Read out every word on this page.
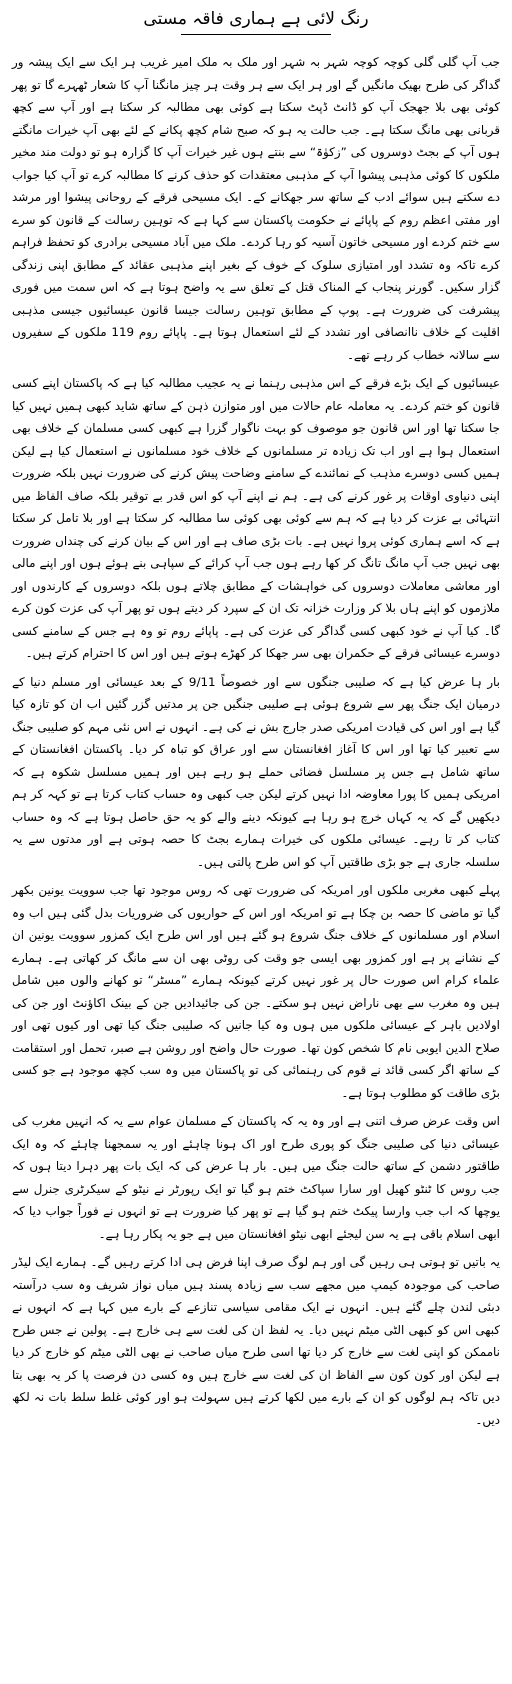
رنگ لائی ہے ہماری فاقہ مستی

جب آپ گلی گلی کوچہ کوچہ شہر بہ شہر اور ملک بہ ملک امیر غریب ہر ایک سے ایک پیشہ ور گداگر کی طرح بھیک مانگیں گے اور ہر ایک سے ہر وقت ہر چیز مانگنا آپ کا شعار ٹھہرے گا تو پھر کوئی بھی بلا جھجک آپ کو ڈانٹ ڈپٹ سکتا ہے کوئی بھی مطالبہ کر سکتا ہے اور آپ سے کچھ قربانی بھی مانگ سکتا ہے۔ جب حالت یہ ہو کہ صبح شام کچھ پکانے کے لئے بھی آپ خیرات مانگتے ہوں آپ کے بجٹ دوسروں کی ”زکوٰۃ“ سے بنتے ہوں غیر خیرات آپ کا گزارہ ہو تو دولت مند مخیر ملکوں کا کوئی مذہبی پیشوا آپ کے مذہبی معتقدات کو حذف کرنے کا مطالبہ کرے تو آپ کیا جواب دے سکتے ہیں سوائے ادب کے ساتھ سر جھکانے کے۔ ایک مسیحی فرقے کے روحانی پیشوا اور مرشد اور مفتی اعظم روم کے پاپائے نے حکومت پاکستان سے کہا ہے کہ توہین رسالت کے قانون کو سرے سے ختم کردے اور مسیحی خاتون آسیہ کو رہا کردے۔ ملک میں آباد مسیحی برادری کو تحفظ فراہم کرے تاکہ وہ تشدد اور امتیازی سلوک کے خوف کے بغیر اپنے مذہبی عقائد کے مطابق اپنی زندگی گزار سکیں۔ گورنر پنجاب کے المناک قتل کے تعلق سے یہ واضح ہوتا ہے کہ اس سمت میں فوری پیشرفت کی ضرورت ہے۔ پوپ کے مطابق توہین رسالت جیسا قانون عیسائیوں جیسی مذہبی اقلیت کے خلاف ناانصافی اور تشدد کے لئے استعمال ہوتا ہے۔ پاپائے روم 119 ملکوں کے سفیروں سے سالانہ خطاب کر رہے تھے۔

عیسائیوں کے ایک بڑے فرقے کے اس مذہبی رہنما نے یہ عجیب مطالبہ کیا ہے کہ پاکستان اپنے کسی قانون کو ختم کردے۔ یہ معاملہ عام حالات میں اور متوازن ذہن کے ساتھ شاید کبھی ہمیں نہیں کیا جا سکتا تھا اور اس قانون جو موصوف کو بہت ناگوار گزرا ہے کبھی کسی مسلمان کے خلاف بھی استعمال ہوا ہے اور اب تک زیادہ تر مسلمانوں کے خلاف خود مسلمانوں نے استعمال کیا ہے لیکن ہمیں کسی دوسرے مذہب کے نمائندے کے سامنے وضاحت پیش کرنے کی ضرورت نہیں بلکہ ضرورت اپنی دنیاوی اوقات پر غور کرنے کی ہے۔ ہم نے اپنے آپ کو اس قدر بے توقیر بلکہ صاف الفاظ میں انتہائی بے عزت کر دیا ہے کہ ہم سے کوئی بھی کوئی سا مطالبہ کر سکتا ہے اور بلا تامل کر سکتا ہے کہ اسے ہماری کوئی پروا نہیں ہے۔ بات بڑی صاف ہے اور اس کے بیان کرنے کی چنداں ضرورت بھی نہیں جب آپ مانگ تانگ کر کھا رہے ہوں جب آپ کرائے کے سپاہی بنے ہوئے ہوں اور اپنے مالی اور معاشی معاملات دوسروں کی خواہشات کے مطابق چلاتے ہوں بلکہ دوسروں کے کارندوں اور ملازموں کو اپنے ہاں بلا کر وزارت خزانہ تک ان کے سپرد کر دیتے ہوں تو پھر آپ کی عزت کون کرے گا۔ کیا آپ نے خود کبھی کسی گداگر کی عزت کی ہے۔ پاپائے روم تو وہ ہے جس کے سامنے کسی دوسرے عیسائی فرقے کے حکمران بھی سر جھکا کر کھڑے ہوتے ہیں اور اس کا احترام کرتے ہیں۔

بار ہا عرض کیا ہے کہ صلیبی جنگوں سے اور خصوصاً 9/11 کے بعد عیسائی اور مسلم دنیا کے درمیان ایک جنگ پھر سے شروع ہوئی ہے صلیبی جنگیں جن پر مدتیں گزر گئیں اب ان کو تازہ کیا گیا ہے اور اس کی قیادت امریکی صدر جارج بش نے کی ہے۔ انہوں نے اس نئی مہم کو صلیبی جنگ سے تعبیر کیا تھا اور اس کا آغاز افغانستان سے اور عراق کو تباہ کر دیا۔ پاکستان افغانستان کے ساتھ شامل ہے جس پر مسلسل فضائی حملے ہو رہے ہیں اور ہمیں مسلسل شکوہ ہے کہ امریکی ہمیں کا پورا معاوضہ ادا نہیں کرتے لیکن جب کبھی وہ حساب کتاب کرتا ہے تو کہہ کر ہم دیکھیں گے کہ یہ کہاں خرچ ہو رہا ہے کیونکہ دینے والے کو یہ حق حاصل ہوتا ہے کہ وہ حساب کتاب کر تا رہے۔ عیسائی ملکوں کی خیرات ہمارے بجٹ کا حصہ ہوتی ہے اور مدتوں سے یہ سلسلہ جاری ہے جو بڑی طاقتیں آپ کو اس طرح پالتی ہیں۔

پہلے کبھی مغربی ملکوں اور امریکہ کی ضرورت تھی کہ روس موجود تھا جب سوویت یونین بکھر گیا تو ماضی کا حصہ بن چکا ہے تو امریکہ اور اس کے حواریوں کی ضروریات بدل گئی ہیں اب وہ اسلام اور مسلمانوں کے خلاف جنگ شروع ہو گئے ہیں اور اس طرح ایک کمزور سوویت یونین ان کے نشانے پر ہے اور کمزور بھی ایسی جو وقت کی روٹی بھی ان سے مانگ کر کھاتی ہے۔ ہمارے علماء کرام اس صورت حال پر غور نہیں کرتے کیونکہ ہمارے ”مسٹر“ تو کھانے والوں میں شامل ہیں وہ مغرب سے بھی ناراض نہیں ہو سکتے۔ جن کی جائیدادیں جن کے بینک اکاؤنٹ اور جن کی اولادیں باہر کے عیسائی ملکوں میں ہوں وہ کیا جانیں کہ صلیبی جنگ کیا تھی اور کیوں تھی اور صلاح الدین ایوبی نام کا شخص کون تھا۔ صورت حال واضح اور روشن ہے صبر، تحمل اور استقامت کے ساتھ اگر کسی قائد نے قوم کی رہنمائی کی تو پاکستان میں وہ سب کچھ موجود ہے جو کسی بڑی طاقت کو مطلوب ہوتا ہے۔

اس وقت عرض صرف اتنی ہے اور وہ یہ کہ پاکستان کے مسلمان عوام سے یہ کہ انہیں مغرب کی عیسائی دنیا کی صلیبی جنگ کو پوری طرح اور اک ہونا چاہئے اور یہ سمجھنا چاہئے کہ وہ ایک طاقتور دشمن کے ساتھ حالت جنگ میں ہیں۔ بار ہا عرض کی کہ ایک بات پھر دہرا دیتا ہوں کہ جب روس کا ٹنٹو کھیل اور سارا سپاکٹ ختم ہو گیا تو ایک رپورٹر نے نیٹو کے سیکرٹری جنرل سے یوچھا کہ اب جب وارسا پیکٹ ختم ہو گیا ہے تو پھر کیا ضرورت ہے تو انہوں نے فوراً جواب دیا کہ ابھی اسلام باقی ہے یہ سن لیجئے ابھی نیٹو افغانستان میں ہے جو یہ پکار رہا ہے۔

یہ باتیں تو ہوتی ہی رہیں گی اور ہم لوگ صرف اپنا فرض ہی ادا کرتے رہیں گے۔ ہمارے ایک لیڈر صاحب کی موجودہ کیمپ میں مجھے سب سے زیادہ پسند ہیں میاں نواز شریف وہ سب درآستہ دبئی لندن چلے گئے ہیں۔ انہوں نے ایک مقامی سیاسی تنازعے کے بارے میں کہا ہے کہ انہوں نے کبھی اس کو کبھی الٹی میٹم نہیں دیا۔ یہ لفظ ان کی لغت سے ہی خارج ہے۔ پولین نے جس طرح ناممکن کو اپنی لغت سے خارج کر دیا تھا اسی طرح میاں صاحب نے بھی الٹی میٹم کو خارج کر دیا ہے لیکن اور کون کون سے الفاظ ان کی لغت سے خارج ہیں وہ کسی دن فرصت پا کر یہ بھی بتا دیں تاکہ ہم لوگوں کو ان کے بارے میں لکھا کرتے ہیں سہولت ہو اور کوئی غلط سلط بات نہ لکھ دیں۔
